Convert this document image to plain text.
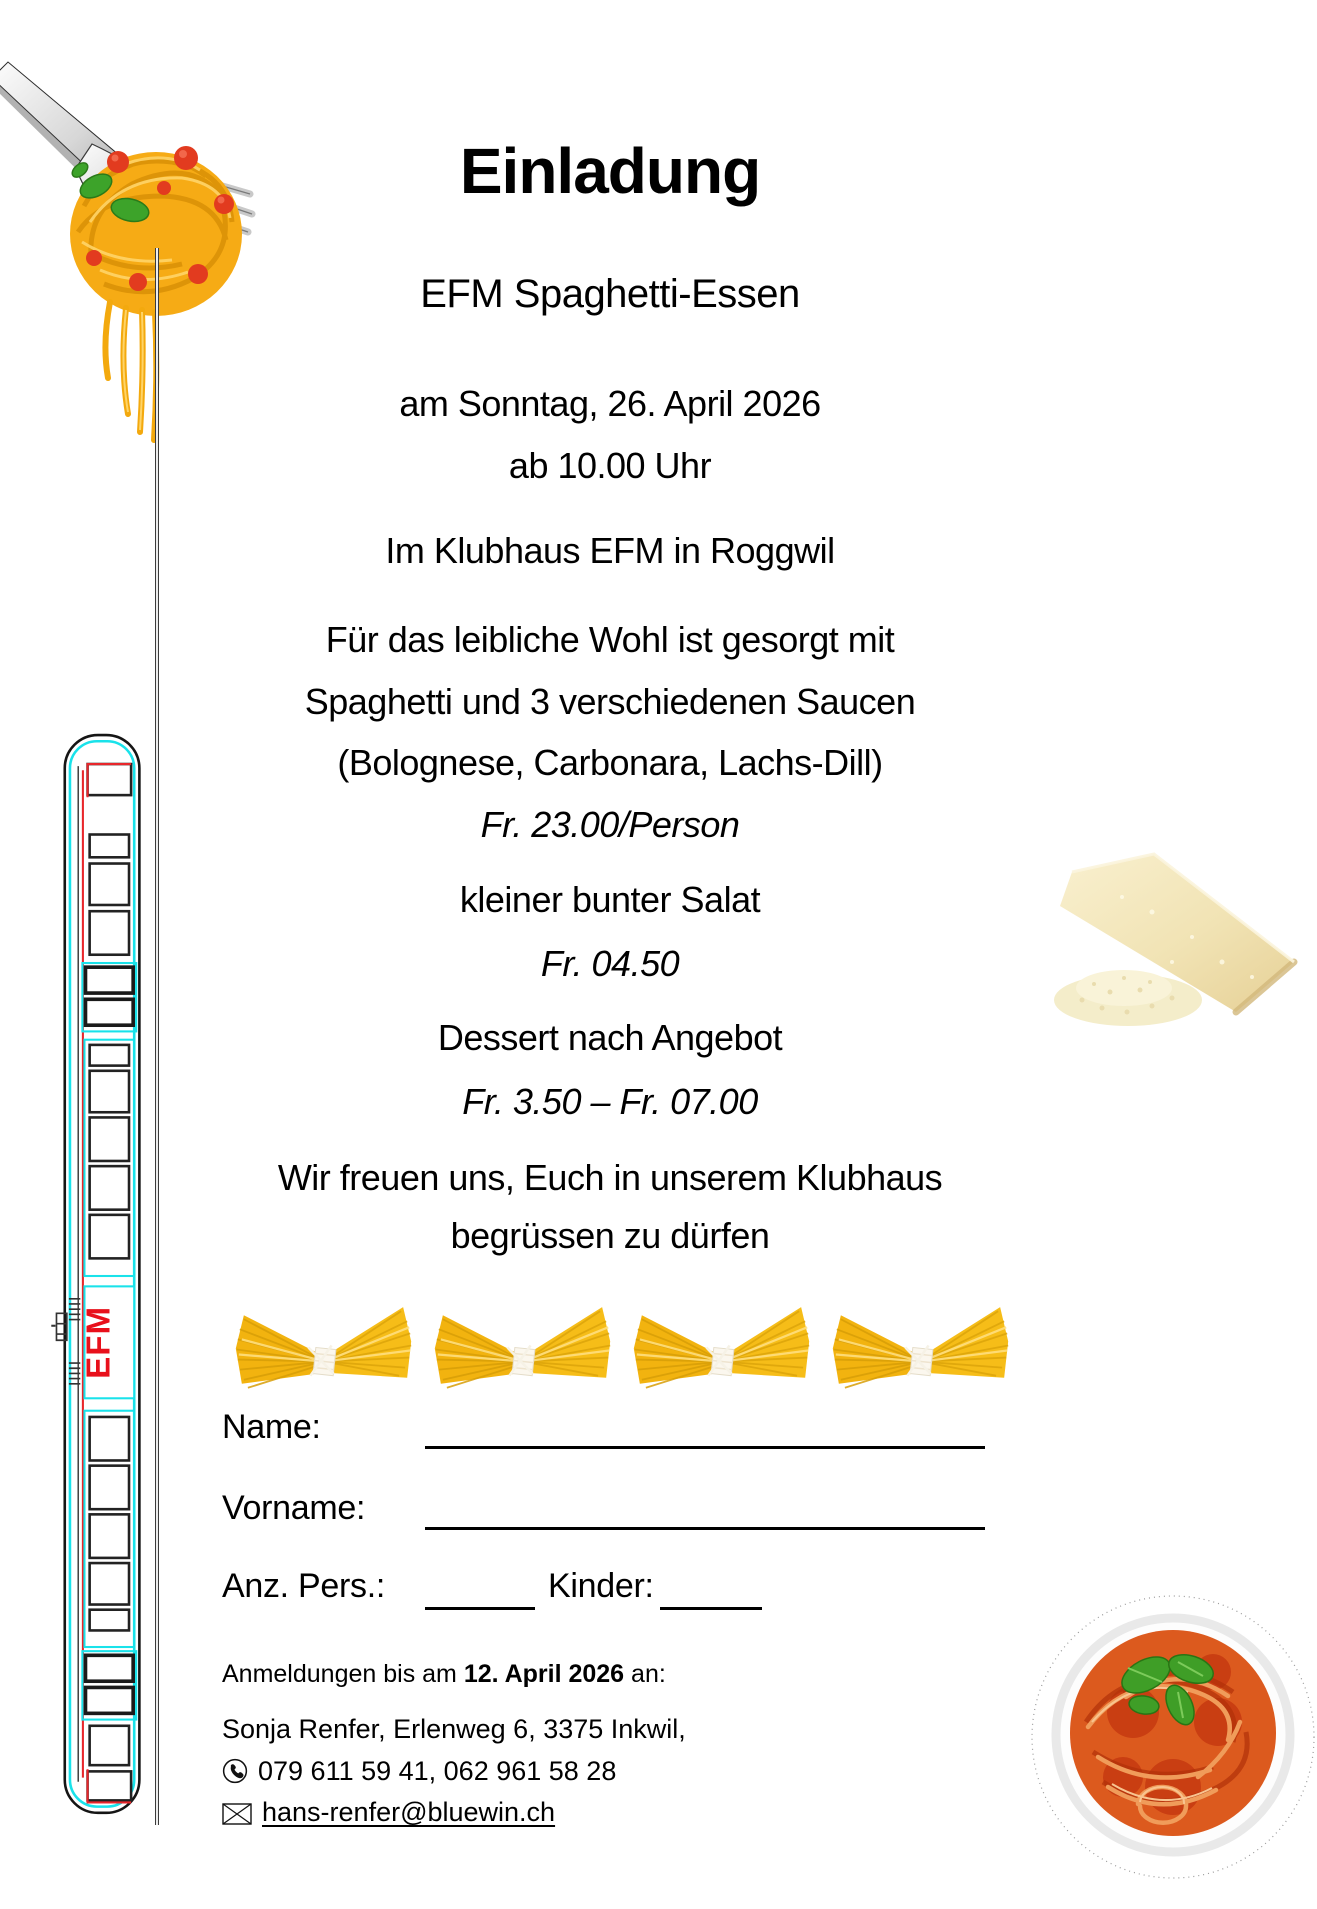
EFM
Einladung
EFM Spaghetti-Essen
am Sonntag, 26. April 2026
ab 10.00 Uhr
Im Klubhaus EFM in Roggwil
Für das leibliche Wohl ist gesorgt mit
Spaghetti und 3 verschiedenen Saucen
(Bolognese, Carbonara, Lachs-Dill)
Fr. 23.00/Person
kleiner bunter Salat
Fr. 04.50
Dessert nach Angebot
Fr. 3.50 – Fr. 07.00
Wir freuen uns, Euch in unserem Klubhaus
begrüssen zu dürfen
Name:
Vorname:
Anz. Pers.:	Kinder:
Anmeldungen bis am 12. April 2026 an:
Sonja Renfer, Erlenweg 6, 3375 Inkwil,
079 611 59 41, 062 961 58 28
hans-renfer@bluewin.ch
